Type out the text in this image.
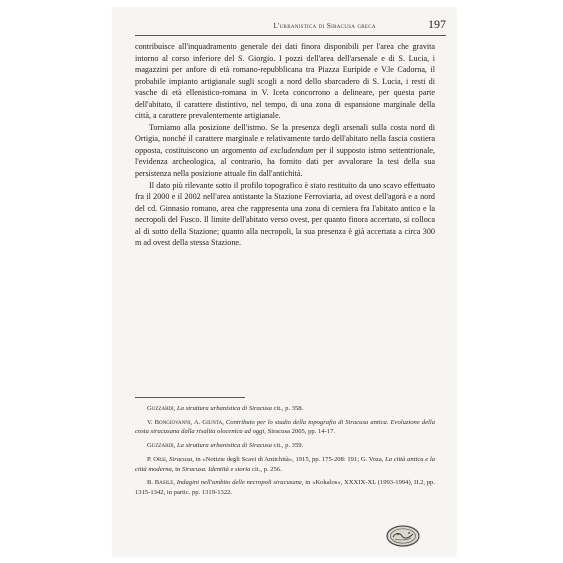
L'urbanistica di Siracusa greca	197

contribuisce all'inquadramento generale dei dati finora disponibili per l'area che gravita intorno al corso inferiore del S. Giorgio. I pozzi dell'area dell'arsenale e di S. Lucia, i magazzini per anfore di età romano-repubblicana tra Piazza Euripide e V.le Cadorna, il probabile impianto artigianale sugli scogli a nord dello sbarcadero di S. Lucia, i resti di vasche di età ellenistico-romana in V. Iceta concorrono a delineare, per questa parte dell'abitato, il carattere distintivo, nel tempo, di una zona di espansione marginale della città, a carattere prevalentemente artigianale.

Torniamo alla posizione dell'istmo. Se la presenza degli arsenali sulla costa nord di Ortigia, nonché il carattere marginale e relativamente tardo dell'abitato nella fascia costiera opposta, costituiscono un argomento ad excludendum per il supposto istmo settentrionale, l'evidenza archeologica, al contrario, ha fornito dati per avvalorare la tesi della sua persistenza nella posizione attuale fin dall'antichità.

Il dato più rilevante sotto il profilo topografico è stato restituito da uno scavo effettuato fra il 2000 e il 2002 nell'area antistante la Stazione Ferroviaria, ad ovest dell'agorà e a nord del cd. Ginnasio romano, area che rappresenta una zona di cerniera fra l'abitato antico e la necropoli del Fusco. Il limite dell'abitato verso ovest, per quanto finora accertato, si colloca al di sotto della Stazione; quanto alla necropoli, la sua presenza è già accertata a circa 300 m ad ovest della stessa Stazione.

Guzzardi, La struttura urbanistica di Siracusa cit., p. 358.

V. Bongiovanni, A. Giunta, Contributo per lo studio della topografia di Siracusa antica. Evoluzione della costa siracusana dalla risalita olocenica ad oggi, Siracusa 2005, pp. 14-17.

Guzzardi, La struttura urbanistica di Siracusa cit., p. 359.

P. Orsi, Siracusa, in «Notizie degli Scavi di Antichità», 1915, pp. 175-208: 191; G. Voza, La città antica e la città moderna, in Siracusa. Identità e storia cit., p. 256.

B. Basile, Indagini nell'ambito delle necropoli siracusane, in «Kokalos», XXXIX-XL (1993-1994), II.2, pp. 1315-1342, in partic. pp. 1319-1322.
